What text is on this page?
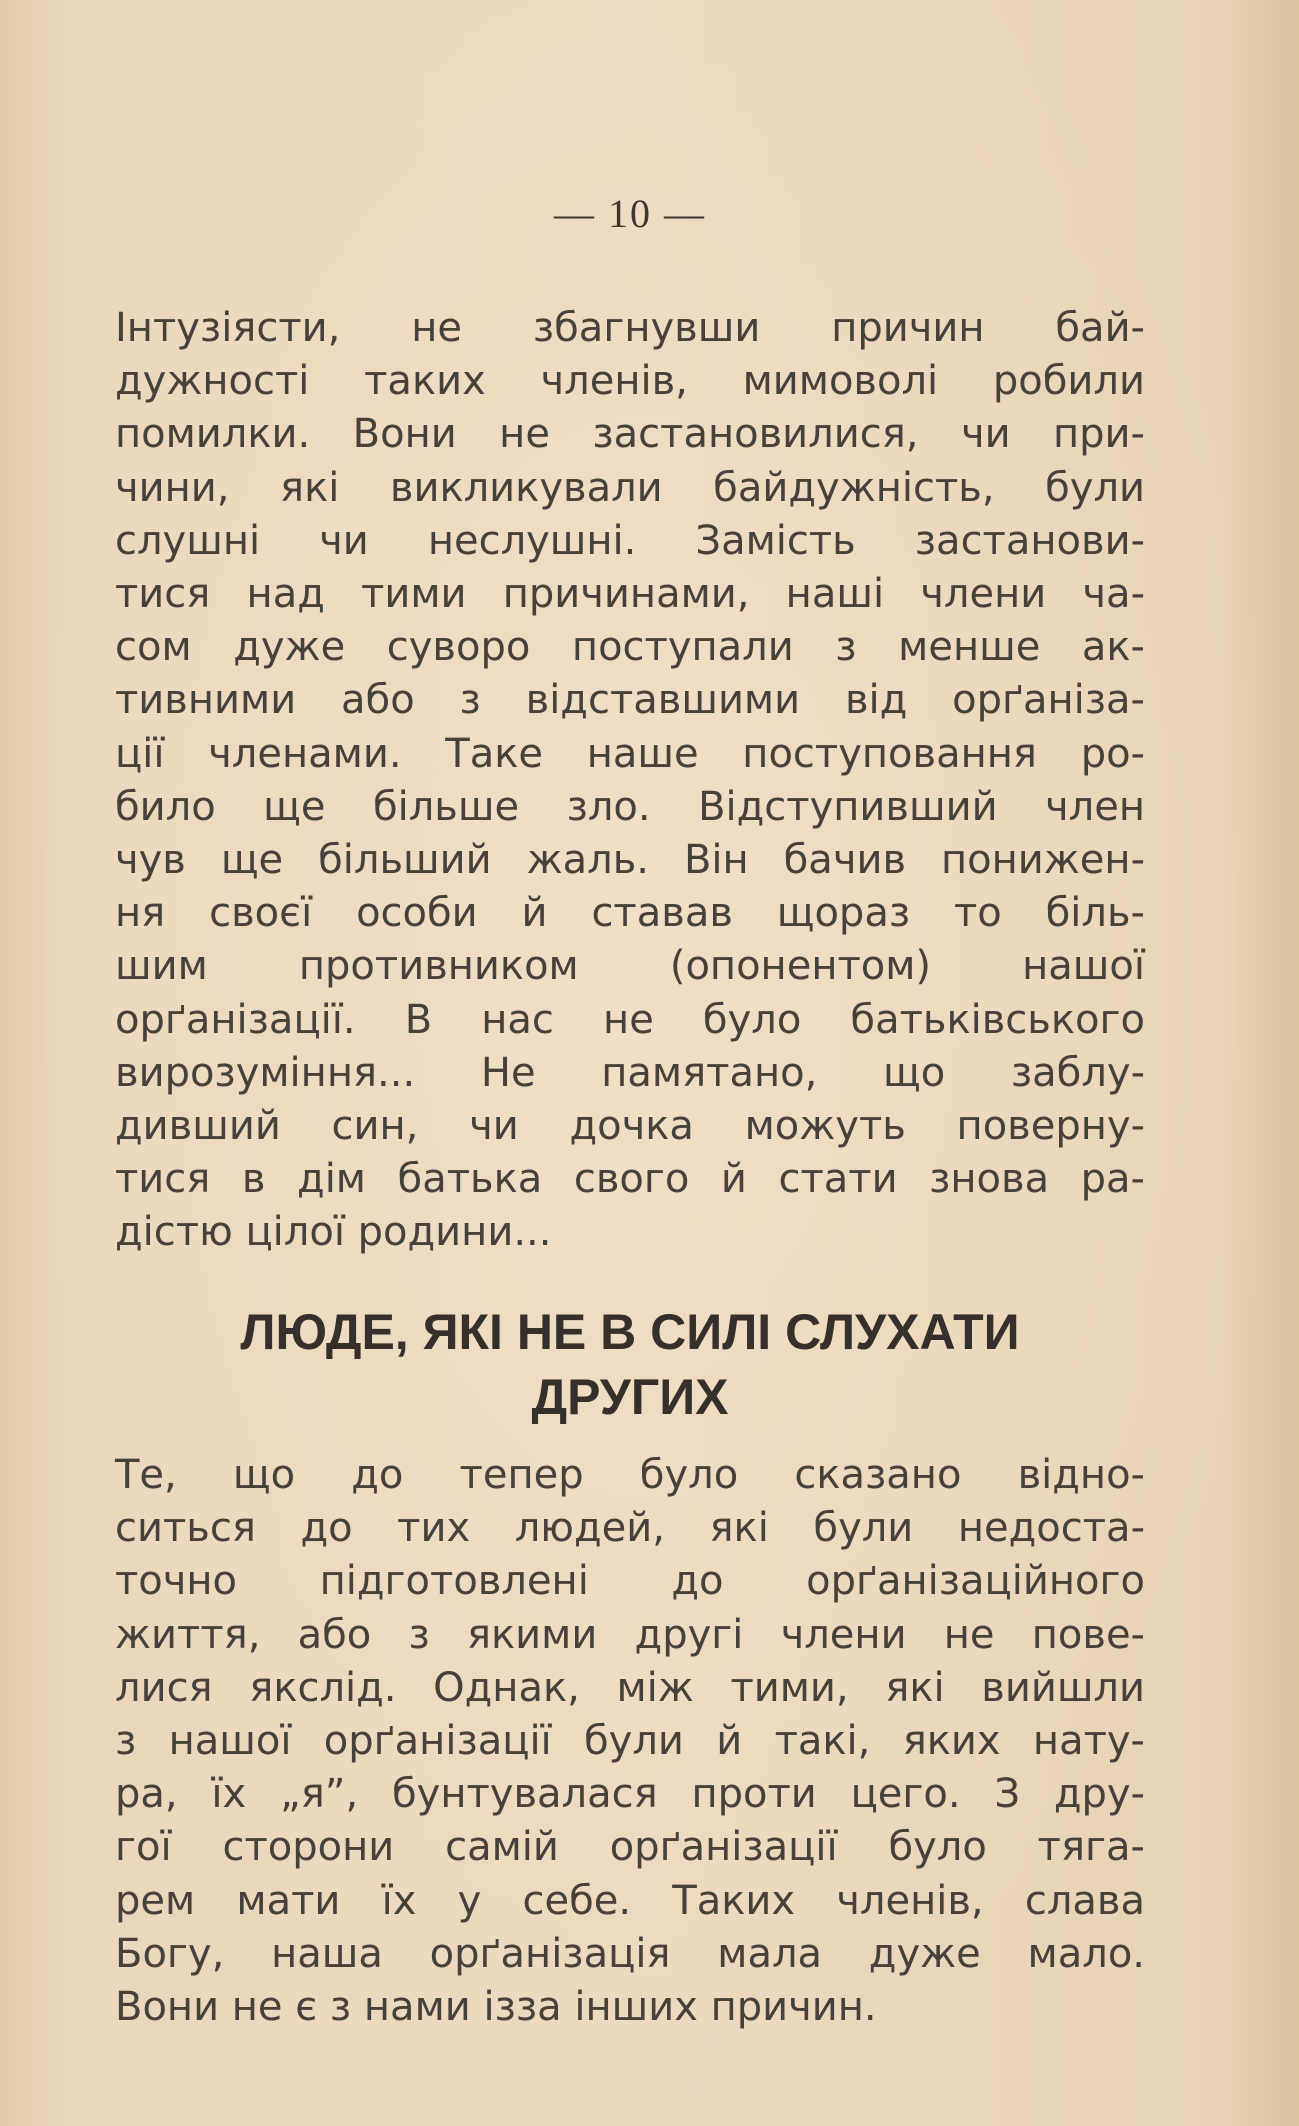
— 10 —
Інтузіясти, не збагнувши причин бай-
дужності таких членів, мимоволі робили
помилки. Вони не застановилися, чи при-
чини, які викликували байдужність, були
слушні чи неслушні. Замість застанови-
тися над тими причинами, наші члени ча-
сом дуже суворо поступали з менше ак-
тивними або з відставшими від орґаніза-
ції членами. Таке наше поступовання ро-
било ще більше зло. Відступивший член
чув ще більший жаль. Він бачив понижен-
ня своєї особи й ставав щораз то біль-
шим противником (опонентом) нашої
орґанізації. В нас не було батьківського
вирозуміння... Не памятано, що заблу-
дивший син, чи дочка можуть поверну-
тися в дім батька свого й стати знова ра-
дістю цілої родини...
ЛЮДЕ, ЯКІ НЕ В СИЛІ СЛУХАТИ
ДРУГИХ
Те, що до тепер було сказано відно-
ситься до тих людей, які були недоста-
точно підготовлені до орґанізаційного
життя, або з якими другі члени не пове-
лися якслід. Однак, між тими, які вийшли
з нашої орґанізації були й такі, яких нату-
ра, їх „я”, бунтувалася проти цего. З дру-
гої сторони самій орґанізації було тяга-
рем мати їх у себе. Таких членів, слава
Богу, наша орґанізація мала дуже мало.
Вони не є з нами ізза інших причин.
